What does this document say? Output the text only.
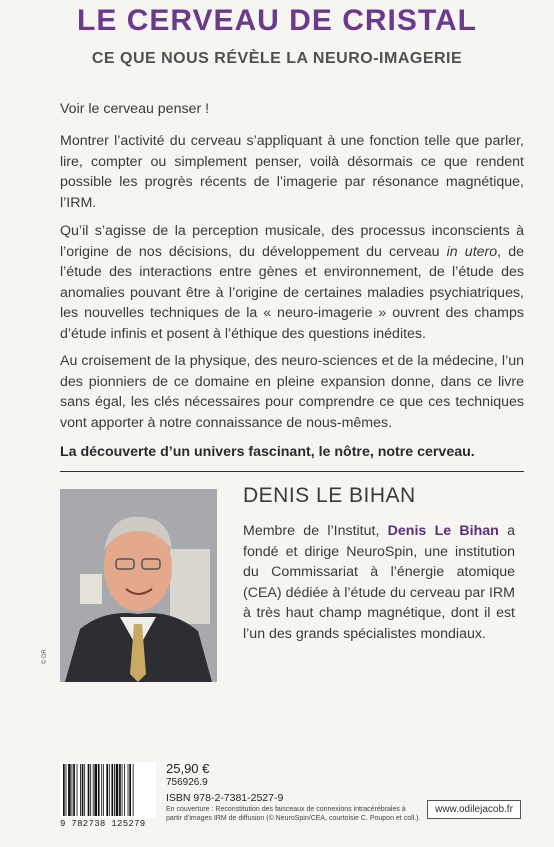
LE CERVEAU DE CRISTAL
CE QUE NOUS RÉVÈLE LA NEURO-IMAGERIE
Voir le cerveau penser !
Montrer l’activité du cerveau s’appliquant à une fonction telle que parler, lire, compter ou simplement penser, voilà désormais ce que rendent possible les progrès récents de l’imagerie par résonance magnétique, l’IRM.
Qu’il s’agisse de la perception musicale, des processus inconscients à l’origine de nos décisions, du développement du cerveau in utero, de l’étude des interactions entre gènes et environnement, de l’étude des anomalies pouvant être à l’origine de certaines maladies psychiatriques, les nouvelles techniques de la « neuro-imagerie » ouvrent des champs d’étude infinis et posent à l’éthique des questions inédites.
Au croisement de la physique, des neuro-sciences et de la médecine, l’un des pionniers de ce domaine en pleine expansion donne, dans ce livre sans égal, les clés nécessaires pour comprendre ce que ces techniques vont apporter à notre connaissance de nous-mêmes.
La découverte d’un univers fascinant, le nôtre, notre cerveau.
© DR
DENIS LE BIHAN
Membre de l’Institut, Denis Le Bihan a fondé et dirige NeuroSpin, une institution du Commissariat à l’énergie atomique (CEA) dédiée à l’étude du cerveau par IRM à très haut champ magnétique, dont il est l’un des grands spécialistes mondiaux.
9 782738 125279
25,90 €
756926.9
ISBN 978-2-7381-2527-9
En couverture : Reconstitution des faisceaux de connexions intracérébrales à partir d’images IRM de diffusion (© NeuroSpin/CEA, courtoisie C. Poupon et coll.).
www.odilejacob.fr
